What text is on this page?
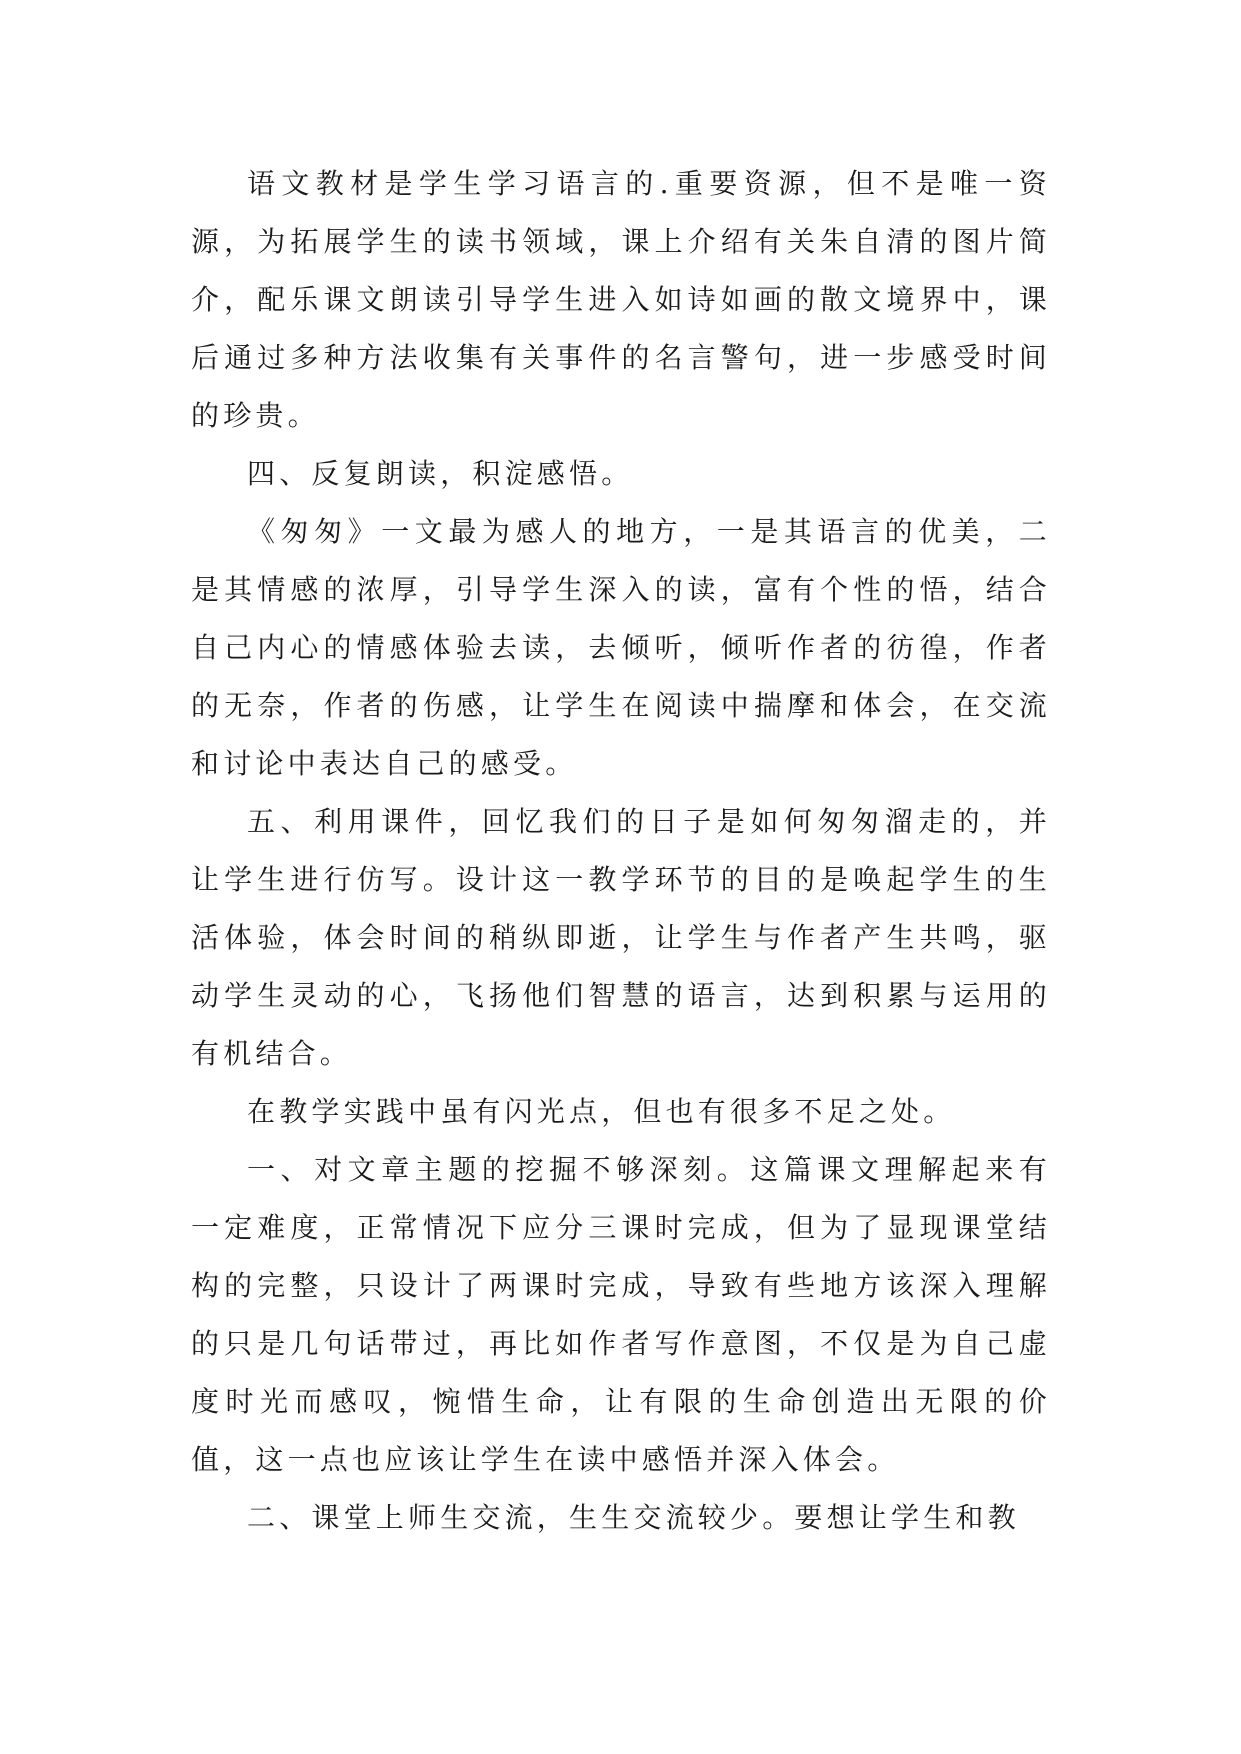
语文教材是学生学习语言的.重要资源，但不是唯一资源，为拓展学生的读书领域，课上介绍有关朱自清的图片简介，配乐课文朗读引导学生进入如诗如画的散文境界中，课后通过多种方法收集有关事件的名言警句，进一步感受时间的珍贵。

四、反复朗读，积淀感悟。

《匆匆》一文最为感人的地方，一是其语言的优美，二是其情感的浓厚，引导学生深入的读，富有个性的悟，结合自己内心的情感体验去读，去倾听，倾听作者的彷徨，作者的无奈，作者的伤感，让学生在阅读中揣摩和体会，在交流和讨论中表达自己的感受。

五、利用课件，回忆我们的日子是如何匆匆溜走的，并让学生进行仿写。设计这一教学环节的目的是唤起学生的生活体验，体会时间的稍纵即逝，让学生与作者产生共鸣，驱动学生灵动的心，飞扬他们智慧的语言，达到积累与运用的有机结合。

在教学实践中虽有闪光点，但也有很多不足之处。

一、对文章主题的挖掘不够深刻。这篇课文理解起来有一定难度，正常情况下应分三课时完成，但为了显现课堂结构的完整，只设计了两课时完成，导致有些地方该深入理解的只是几句话带过，再比如作者写作意图，不仅是为自己虚度时光而感叹，惋惜生命，让有限的生命创造出无限的价值，这一点也应该让学生在读中感悟并深入体会。

二、课堂上师生交流，生生交流较少。要想让学生和教
